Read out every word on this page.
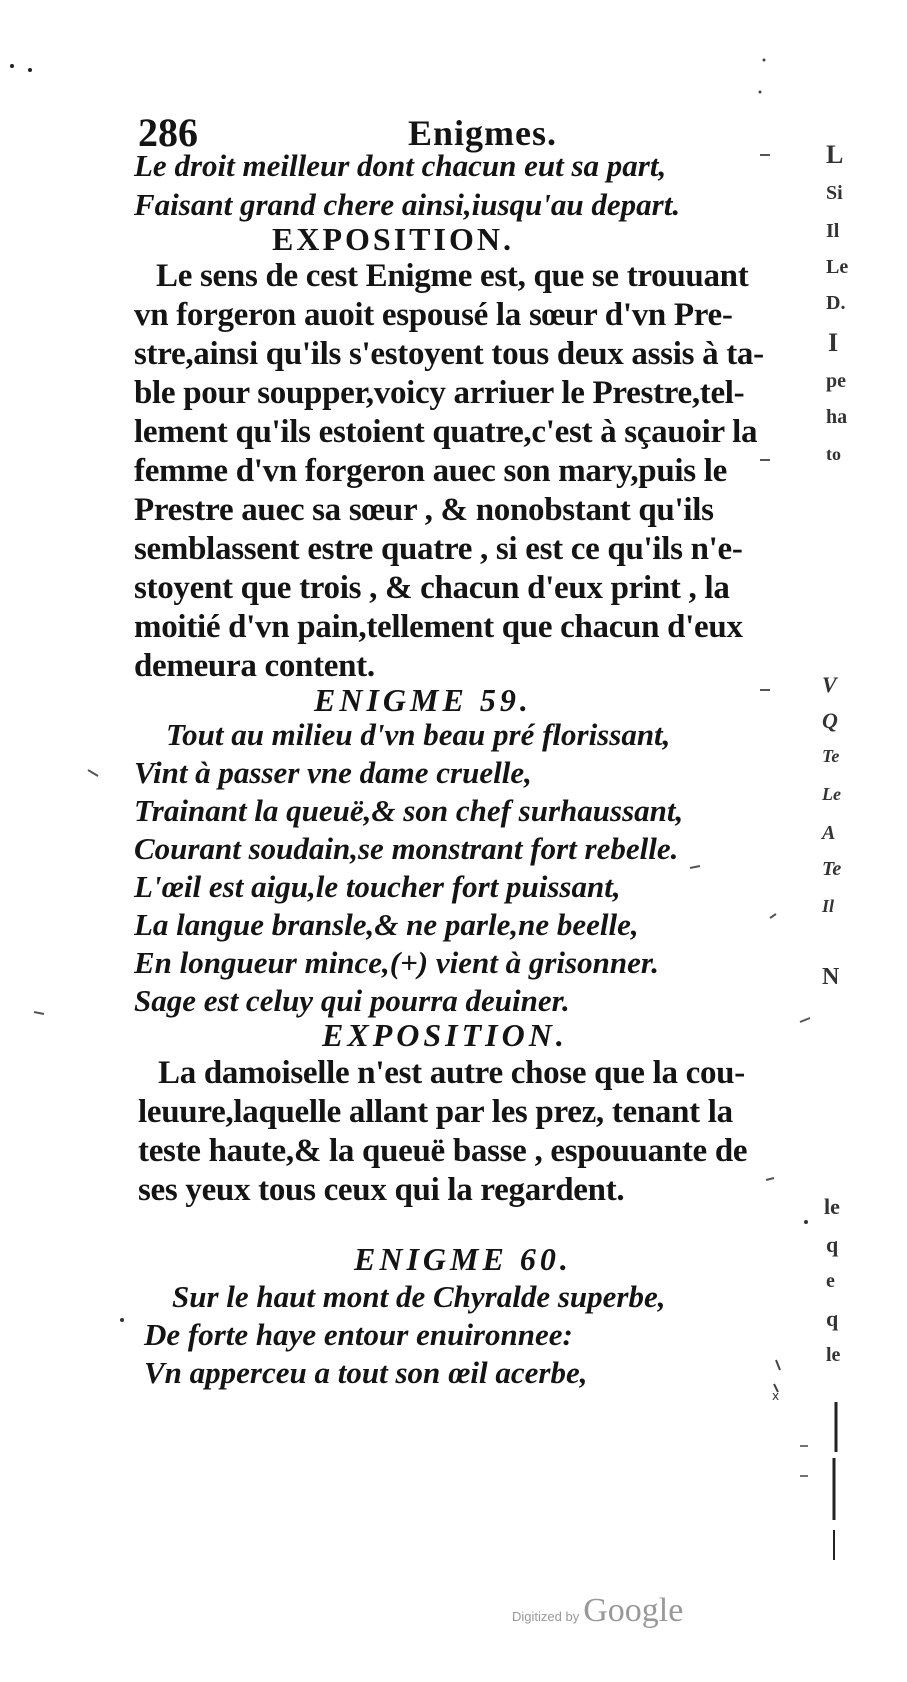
286	Enigmes.
Le droit meilleur dont chacun eut sa part,
Faisant grand chere ainsi,iusqu'au depart.
EXPOSITION.
Le sens de cest Enigme est, que se trouuant
vn forgeron auoit espousé la sœur d'vn Pre-
stre,ainsi qu'ils s'estoyent tous deux assis à ta-
ble pour soupper,voicy arriuer le Prestre,tel-
lement qu'ils estoient quatre,c'est à sçauoir la
femme d'vn forgeron auec son mary,puis le
Prestre auec sa sœur , & nonobstant qu'ils
semblassent estre quatre , si est ce qu'ils n'e-
stoyent que trois , & chacun d'eux print , la
moitié d'vn pain,tellement que chacun d'eux
demeura content.
ENIGME 59.
Tout au milieu d'vn beau pré florissant,
Vint à passer vne dame cruelle,
Trainant la queuë,& son chef surhaussant,
Courant soudain,se monstrant fort rebelle.
L'œil est aigu,le toucher fort puissant,
La langue bransle,& ne parle,ne beelle,
En longueur mince,(+) vient à grisonner.
Sage est celuy qui pourra deuiner.
EXPOSITION.
La damoiselle n'est autre chose que la cou-
leuure,laquelle allant par les prez, tenant la
teste haute,& la queuë basse , espouuante de
ses yeux tous ceux qui la regardent.
ENIGME 60.
Sur le haut mont de Chyralde superbe,
De forte haye entour enuironnee:
Vn apperceu a tout son œil acerbe,
L
Si
Il
Le
D.
I
pe
ha
to
V
Q
Te
Le
A
Te
Il
N
le
q
e
q
le
x
Digitized by Google
